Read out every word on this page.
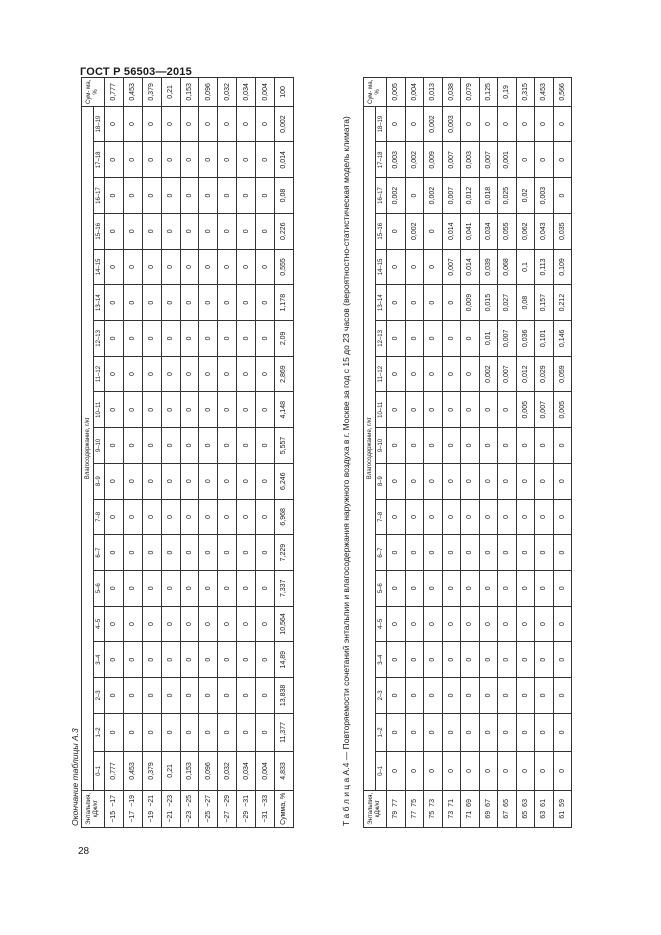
ГОСТ Р 56503—2015
Окончание таблицы А.3 Энтальпия, кДж/кг		Влагосодержание, г/кг																			Сум- ма, %
		0–1	1–2	2–3	3–4	4–5	5–6	6–7	7–8	8–9	9–10	10–11	11–12	12–13	13–14	14–15	15–16	16–17	17–18	18–19	
−15	−17	0,777	0	0	0	0	0	0	0	0	0	0	0	0	0	0	0	0	0	0	0,777
−17	−19	0,453	0	0	0	0	0	0	0	0	0	0	0	0	0	0	0	0	0	0	0,453
−19	−21	0,379	0	0	0	0	0	0	0	0	0	0	0	0	0	0	0	0	0	0	0,379
−21	−23	0,21	0	0	0	0	0	0	0	0	0	0	0	0	0	0	0	0	0	0	0,21
−23	−25	0,153	0	0	0	0	0	0	0	0	0	0	0	0	0	0	0	0	0	0	0,153
−25	−27	0,096	0	0	0	0	0	0	0	0	0	0	0	0	0	0	0	0	0	0	0,096
−27	−29	0,032	0	0	0	0	0	0	0	0	0	0	0	0	0	0	0	0	0	0	0,032
−29	−31	0,034	0	0	0	0	0	0	0	0	0	0	0	0	0	0	0	0	0	0	0,034
−31	−33	0,004	0	0	0	0	0	0	0	0	0	0	0	0	0	0	0	0	0	0	0,004
Сумма, %		4,833	11,377	13,838	14,89	10,564	7,337	7,229	6,968	6,246	5,557	4,148	2,869	2,09	1,178	0,555	0,226	0,08	0,014	0,002	100
Т а б л и ц а А.4 — Повторяемости сочетаний энтальпии и влагосодержания наружного воздуха в г. Москве за год с 15 до 23 часов (вероятностно-статистическая модель климата)	Энтальпия, кДж/кг		Влагосодержание, г/кг																			Сум- ма, %
		0–1	1–2	2–3	3–4	4–5	5–6	6–7	7–8	8–9	9–10	10–11	11–12	12–13	13–14	14–15	15–16	16–17	17–18	18–19	
79	77	0	0	0	0	0	0	0	0	0	0	0	0	0	0	0	0	0,002	0,003	0	0,005
77	75	0	0	0	0	0	0	0	0	0	0	0	0	0	0	0	0,002	0	0,002	0	0,004
75	73	0	0	0	0	0	0	0	0	0	0	0	0	0	0	0	0	0,002	0,009	0,002	0,013
73	71	0	0	0	0	0	0	0	0	0	0	0	0	0	0	0,007	0,014	0,007	0,007	0,003	0,038
71	69	0	0	0	0	0	0	0	0	0	0	0	0	0	0,009	0,014	0,041	0,012	0,003	0	0,079
69	67	0	0	0	0	0	0	0	0	0	0	0	0,002	0,01	0,015	0,039	0,034	0,018	0,007	0	0,125
67	65	0	0	0	0	0	0	0	0	0	0	0	0,007	0,007	0,027	0,068	0,055	0,025	0,001	0	0,19
65	63	0	0	0	0	0	0	0	0	0	0	0,005	0,012	0,036	0,08	0,1	0,062	0,02	0	0	0,315
63	61	0	0	0	0	0	0	0	0	0	0	0,007	0,029	0,101	0,157	0,113	0,043	0,003	0	0	0,453
61	59	0	0	0	0	0	0	0	0	0	0	0,005	0,059	0,146	0,212	0,109	0,035	0	0	0	0,566
28
